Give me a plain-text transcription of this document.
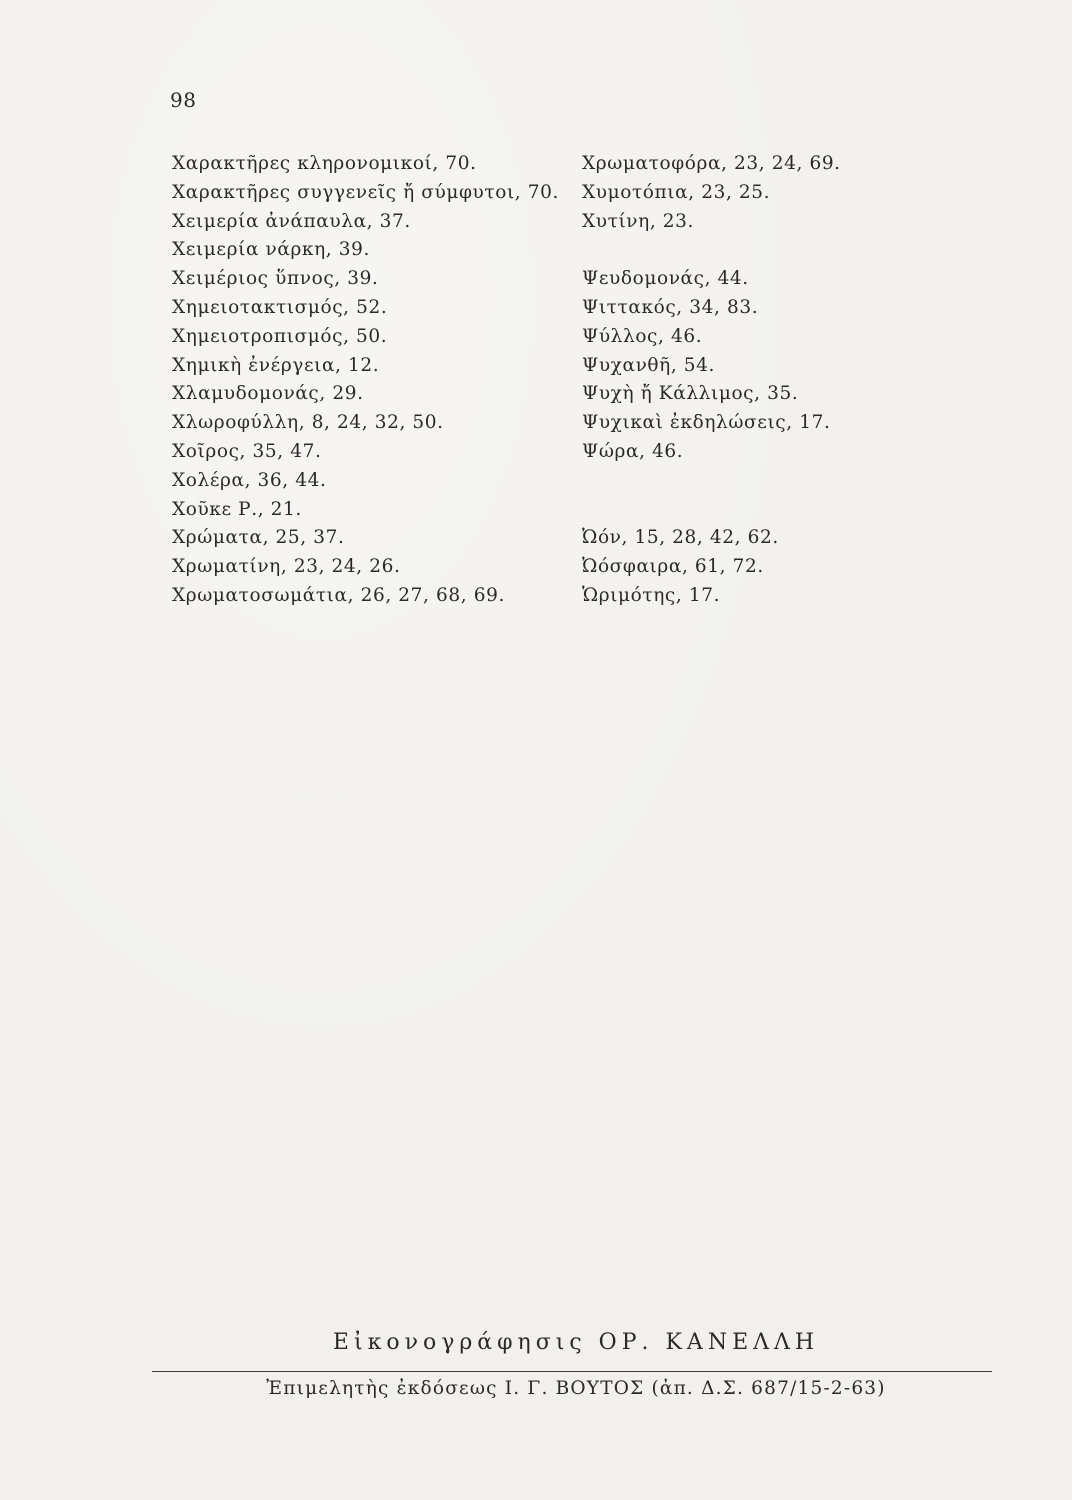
98
Χαρακτῆρες κληρονομικοί, 70.
Χαρακτῆρες συγγενεῖς ἤ σύμφυτοι, 70.
Χειμερία ἀνάπαυλα, 37.
Χειμερία νάρκη, 39.
Χειμέριος ὕπνος, 39.
Χημειοτακτισμός, 52.
Χημειοτροπισμός, 50.
Χημικὴ ἐνέργεια, 12.
Χλαμυδομονάς, 29.
Χλωροφύλλη, 8, 24, 32, 50.
Χοῖρος, 35, 47.
Χολέρα, 36, 44.
Χοῦκε Ρ., 21.
Χρώματα, 25, 37.
Χρωματίνη, 23, 24, 26.
Χρωματοσωμάτια, 26, 27, 68, 69.
Χρωματοφόρα, 23, 24, 69.
Χυμοτόπια, 23, 25.
Χυτίνη, 23.
Ψευδομονάς, 44.
Ψιττακός, 34, 83.
Ψύλλος, 46.
Ψυχανθῆ, 54.
Ψυχὴ ἤ Κάλλιμος, 35.
Ψυχικαὶ ἐκδηλώσεις, 17.
Ψώρα, 46.
Ὠόν, 15, 28, 42, 62.
Ὠόσφαιρα, 61, 72.
Ὡριμότης, 17.
Εἰκονογράφησις ΟΡ. ΚΑΝΕΛΛΗ
Ἐπιμελητὴς ἐκδόσεως Ι. Γ. ΒΟΥΤΟΣ (ἀπ. Δ.Σ. 687/15-2-63)
